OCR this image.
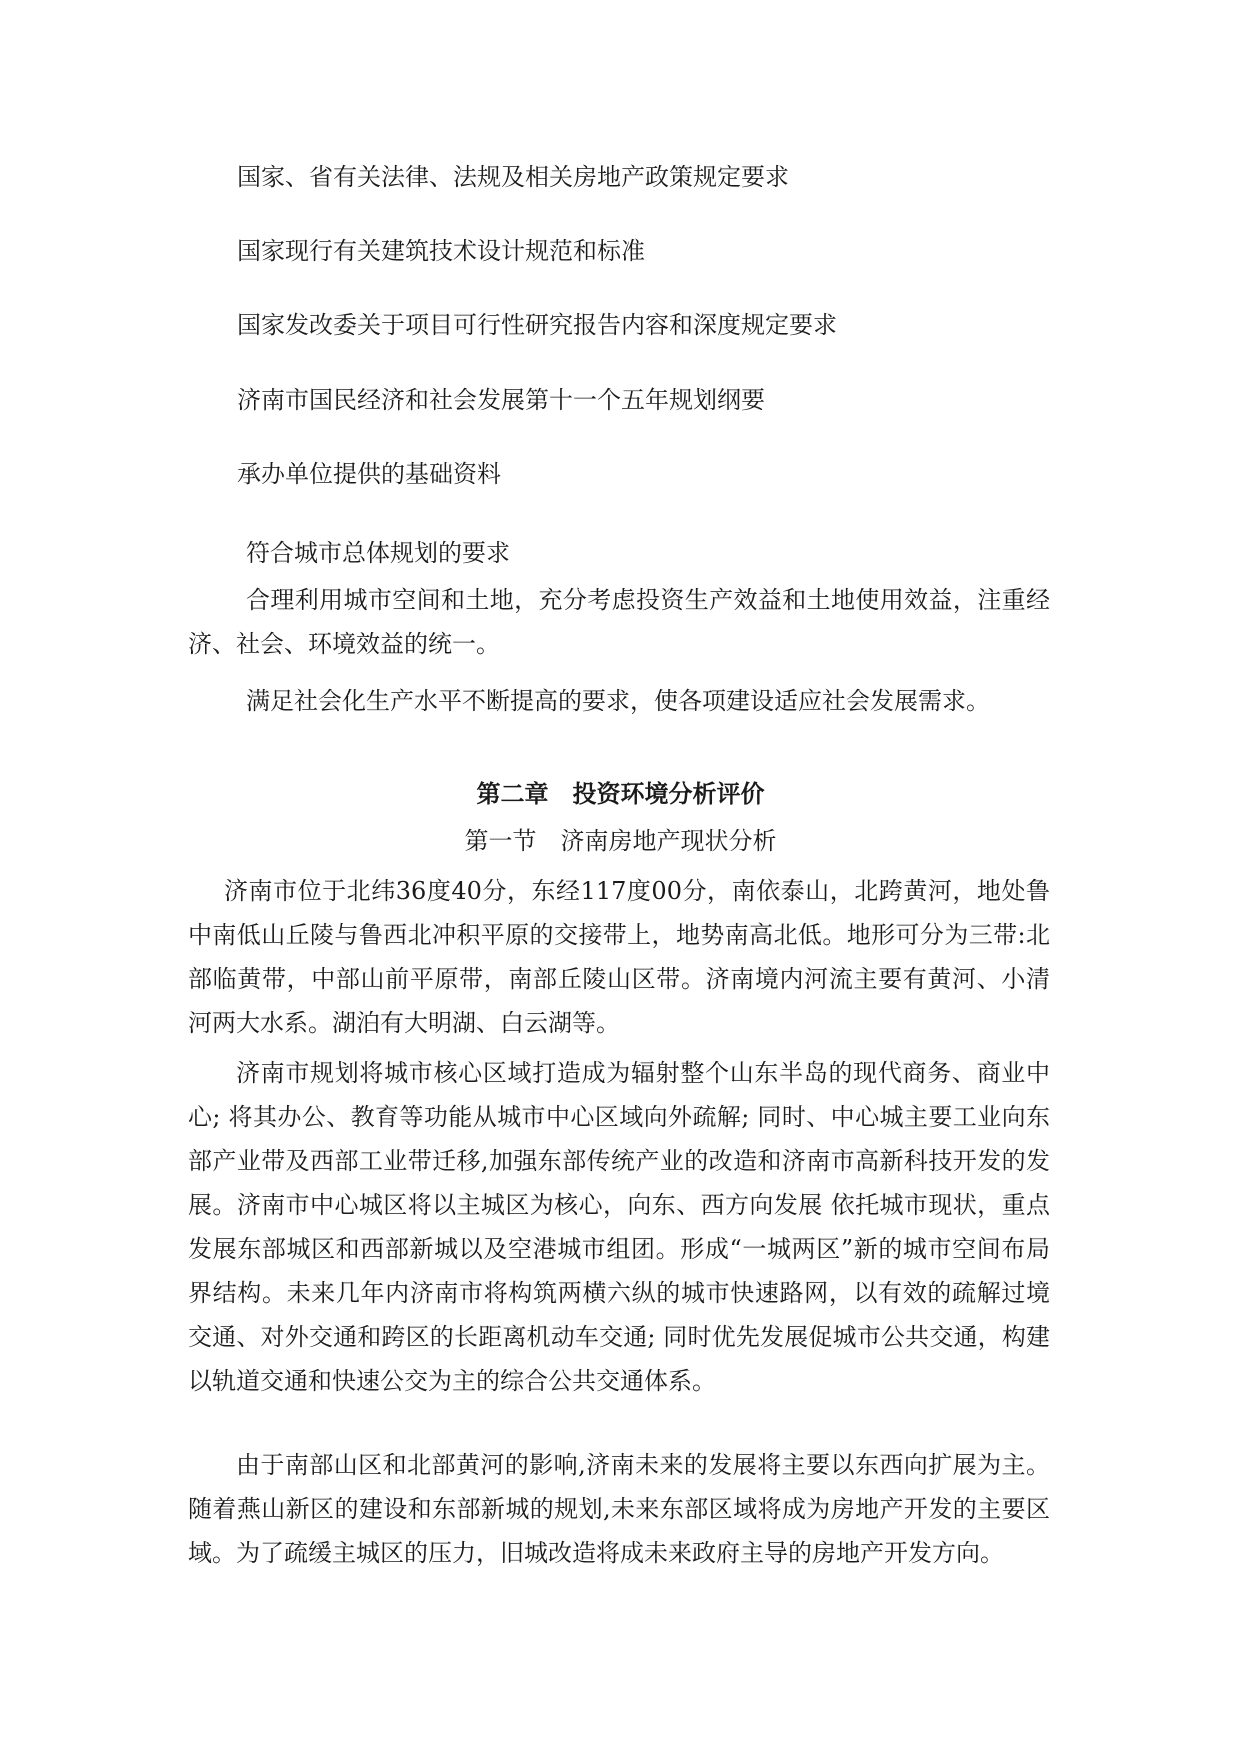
国家、省有关法律、法规及相关房地产政策规定要求
国家现行有关建筑技术设计规范和标准
国家发改委关于项目可行性研究报告内容和深度规定要求
济南市国民经济和社会发展第十一个五年规划纲要
承办单位提供的基础资料
符合城市总体规划的要求

合理利用城市空间和土地，充分考虑投资生产效益和土地使用效益，注重经济、社会、环境效益的统一。

满足社会化生产水平不断提高的要求，使各项建设适应社会发展需求。
第二章　投资环境分析评价
第一节　济南房地产现状分析

济南市位于北纬36度40分，东经117度00分，南依泰山，北跨黄河，地处鲁中南低山丘陵与鲁西北冲积平原的交接带上，地势南高北低。地形可分为三带:北部临黄带，中部山前平原带，南部丘陵山区带。济南境内河流主要有黄河、小清河两大水系。湖泊有大明湖、白云湖等。

济南市规划将城市核心区域打造成为辐射整个山东半岛的现代商务、商业中心; 将其办公、教育等功能从城市中心区域向外疏解; 同时、中心城主要工业向东部产业带及西部工业带迁移,加强东部传统产业的改造和济南市高新科技开发的发展。济南市中心城区将以主城区为核心，向东、西方向发展 依托城市现状，重点发展东部城区和西部新城以及空港城市组团。形成“一城两区”新的城市空间布局界结构。未来几年内济南市将构筑两横六纵的城市快速路网，以有效的疏解过境交通、对外交通和跨区的长距离机动车交通; 同时优先发展促城市公共交通，构建以轨道交通和快速公交为主的综合公共交通体系。

由于南部山区和北部黄河的影响,济南未来的发展将主要以东西向扩展为主。随着燕山新区的建设和东部新城的规划,未来东部区域将成为房地产开发的主要区域。为了疏缓主城区的压力，旧城改造将成未来政府主导的房地产开发方向。
